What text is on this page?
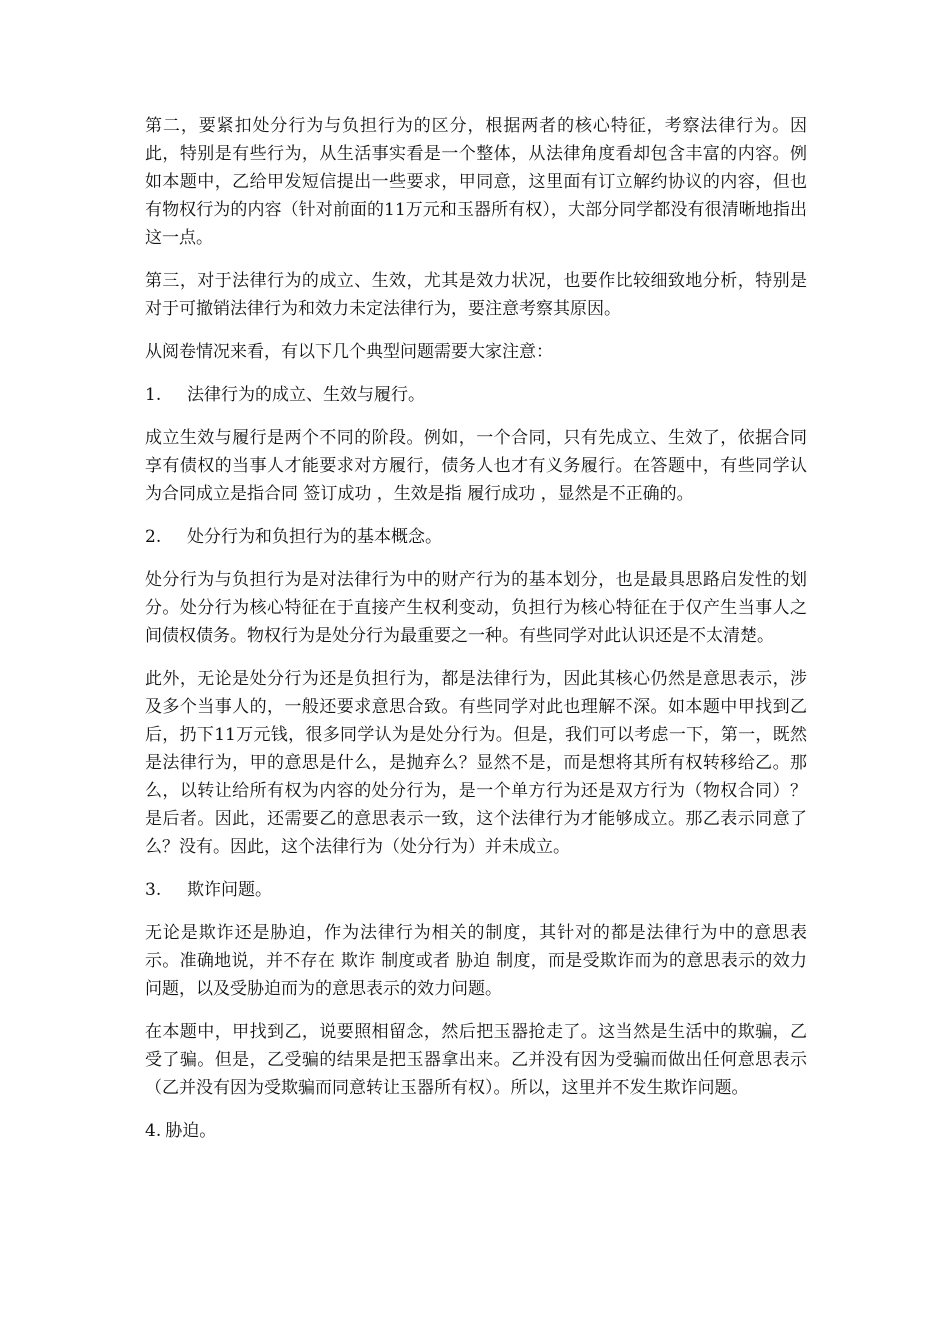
第二，要紧扣处分行为与负担行为的区分，根据两者的核心特征，考察法律行为。因此，特别是有些行为，从生活事实看是一个整体，从法律角度看却包含丰富的内容。例如本题中，乙给甲发短信提出一些要求，甲同意，这里面有订立解约协议的内容，但也有物权行为的内容（针对前面的11万元和玉器所有权），大部分同学都没有很清晰地指出这一点。

第三，对于法律行为的成立、生效，尤其是效力状况，也要作比较细致地分析，特别是对于可撤销法律行为和效力未定法律行为，要注意考察其原因。

从阅卷情况来看，有以下几个典型问题需要大家注意：

1. 法律行为的成立、生效与履行。

成立生效与履行是两个不同的阶段。例如，一个合同，只有先成立、生效了，依据合同享有债权的当事人才能要求对方履行，债务人也才有义务履行。在答题中，有些同学认为合同成立是指合同 签订成功 ，生效是指 履行成功 ，显然是不正确的。

2. 处分行为和负担行为的基本概念。

处分行为与负担行为是对法律行为中的财产行为的基本划分，也是最具思路启发性的划分。处分行为核心特征在于直接产生权利变动，负担行为核心特征在于仅产生当事人之间债权债务。物权行为是处分行为最重要之一种。有些同学对此认识还是不太清楚。

此外，无论是处分行为还是负担行为，都是法律行为，因此其核心仍然是意思表示，涉及多个当事人的，一般还要求意思合致。有些同学对此也理解不深。如本题中甲找到乙后，扔下11万元钱，很多同学认为是处分行为。但是，我们可以考虑一下，第一，既然是法律行为，甲的意思是什么，是抛弃么？显然不是，而是想将其所有权转移给乙。那么，以转让给所有权为内容的处分行为，是一个单方行为还是双方行为（物权合同）？是后者。因此，还需要乙的意思表示一致，这个法律行为才能够成立。那乙表示同意了么？没有。因此，这个法律行为（处分行为）并未成立。

3. 欺诈问题。

无论是欺诈还是胁迫，作为法律行为相关的制度，其针对的都是法律行为中的意思表示。准确地说，并不存在 欺诈 制度或者 胁迫 制度，而是受欺诈而为的意思表示的效力问题，以及受胁迫而为的意思表示的效力问题。

在本题中，甲找到乙，说要照相留念，然后把玉器抢走了。这当然是生活中的欺骗，乙受了骗。但是，乙受骗的结果是把玉器拿出来。乙并没有因为受骗而做出任何意思表示（乙并没有因为受欺骗而同意转让玉器所有权）。所以，这里并不发生欺诈问题。

4. 胁迫。
